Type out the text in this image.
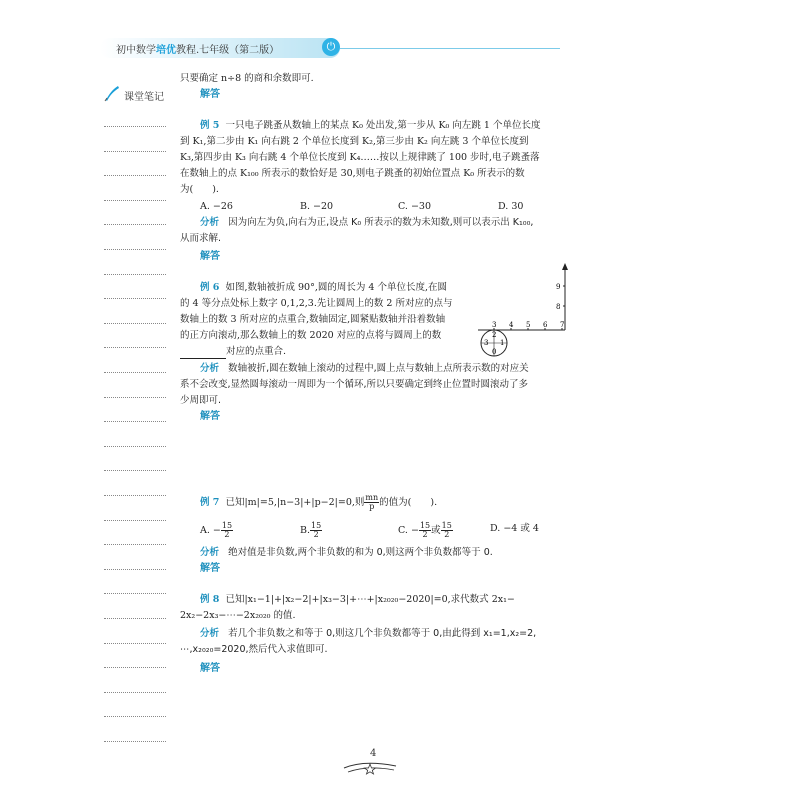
初中数学培优教程.七年级（第二版）	⏻
课堂笔记
只要确定 n÷8 的商和余数即可.
解答
例 5 一只电子跳蚤从数轴上的某点 K₀ 处出发,第一步从 K₀ 向左跳 1 个单位长度
到 K₁,第二步由 K₁ 向右跳 2 个单位长度到 K₂,第三步由 K₂ 向左跳 3 个单位长度到
K₃,第四步由 K₃ 向右跳 4 个单位长度到 K₄……按以上规律跳了 100 步时,电子跳蚤落
在数轴上的点 K₁₀₀ 所表示的数恰好是 30,则电子跳蚤的初始位置点 K₀ 所表示的数
为(　　).
A. −26	B. −20	C. −30	D. 30
分析 因为向左为负,向右为正,设点 K₀ 所表示的数为未知数,则可以表示出 K₁₀₀,
从而求解.
解答
例 6 如图,数轴被折成 90°,圆的周长为 4 个单位长度,在圆
的 4 等分点处标上数字 0,1,2,3.先让圆周上的数 2 所对应的点与
数轴上的数 3 所对应的点重合,数轴固定,圆紧贴数轴并沿着数轴
的正方向滚动,那么数轴上的数 2020 对应的点将与圆周上的数
对应的点重合.
分析 数轴被折,圆在数轴上滚动的过程中,圆上点与数轴上点所表示数的对应关
系不会改变,显然圆每滚动一周即为一个循环,所以只要确定到终止位置时圆滚动了多
少周即可.
解答
例 7 已知|m|=5,|n−3|+|p−2|=0,则 $\frac{mn}{p}$ 的值为(　　).
A. − $\frac{15}{2}$	B. $\frac{15}{2}$	C. − $\frac{15}{2}$ 或 $\frac{15}{2}$	D. −4 或 4
分析 绝对值是非负数,两个非负数的和为 0,则这两个非负数都等于 0.
解答
例 8 已知|x₁−1|+|x₂−2|+|x₃−3|+⋯+|x₂₀₂₀−2020|=0,求代数式 2x₁−
2x₂−2x₃−⋯−2x₂₀₂₀ 的值.
分析 若几个非负数之和等于 0,则这几个非负数都等于 0,由此得到 x₁=1,x₂=2,
⋯,x₂₀₂₀=2020,然后代入求值即可.
解答
3 4 5 6 7
8
9
2
3 1
0
4
